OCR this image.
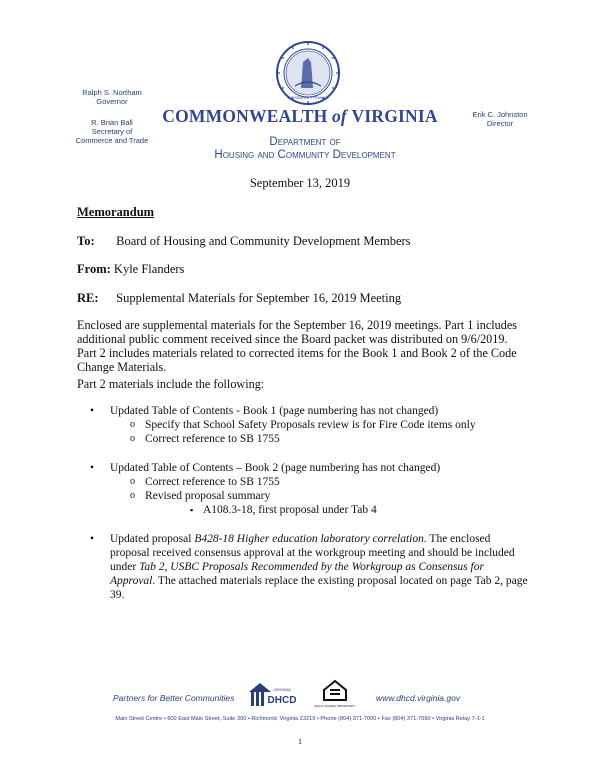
SIC SEMPER TYRANNIS
Ralph S. Northam
Governor
R. Brian Ball
Secretary of
Commerce and Trade
Erik C. Johnston
Director
COMMONWEALTH of VIRGINIA
Department of
Housing and Community Development
September 13, 2019
Memorandum
To: Board of Housing and Community Development Members
From: Kyle Flanders
RE: Supplemental Materials for September 16, 2019 Meeting
Enclosed are supplemental materials for the September 16, 2019 meetings. Part 1 includes additional public comment received since the Board packet was distributed on 9/6/2019. Part 2 includes materials related to corrected items for the Book 1 and Book 2 of the Code Change Materials.
Part 2 materials include the following:
• Updated Table of Contents - Book 1 (page numbering has not changed)
o Specify that School Safety Proposals review is for Fire Code items only
o Correct reference to SB 1755
• Updated Table of Contents – Book 2 (page numbering has not changed)
o Correct reference to SB 1755
o Revised proposal summary
▪ A108.3-18, first proposal under Tab 4
• Updated proposal B428-18 Higher education laboratory correlation. The enclosed proposal received consensus approval at the workgroup meeting and should be included under Tab 2, USBC Proposals Recommended by the Workgroup as Consensus for Approval. The attached materials replace the existing proposal located on page Tab 2, page 39.
Partners for Better Communities
VIRGINIA
DHCD
EQUAL HOUSING OPPORTUNITY
www.dhcd.virginia.gov
Main Street Centre • 600 East Main Street, Suite 300 • Richmond, Virginia 23219 • Phone (804) 371-7000 • Fax (804) 371-7090 • Virginia Relay 7-1-1
1
